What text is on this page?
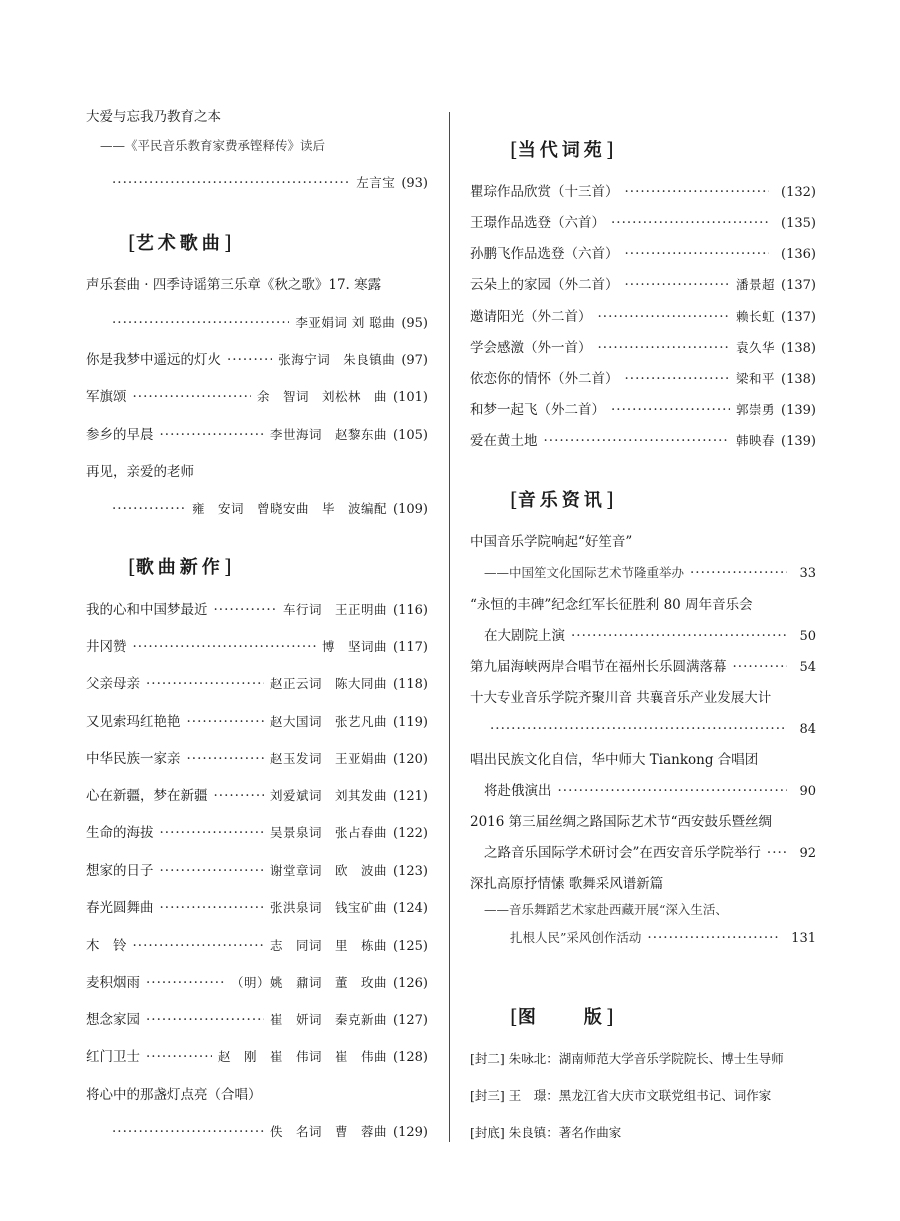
大爱与忘我乃教育之本
——《平民音乐教育家费承铿释传》读后
·····
左言宝 (93)
[艺术歌曲]
声乐套曲 · 四季诗谣第三乐章《秋之歌》17. 寒露
·····
李亚娟词 刘 聪曲 (95)
你是我梦中遥远的灯火 ·····	张海宁词　朱良镇曲 (97)
军旗颂 ·····	余　智词　刘松林　曲 (101)
参乡的早晨 ·····	李世海词　赵黎东曲 (105)
再见，亲爱的老师
·····
雍　安词　曾晓安曲　毕　波编配 (109)
[歌曲新作]
我的心和中国梦最近 ·····	车行词　王正明曲 (116)
井冈赞 ·····	博　坚词曲 (117)
父亲母亲 ·····	赵正云词　陈大同曲 (118)
又见索玛红艳艳 ·····	赵大国词　张艺凡曲 (119)
中华民族一家亲 ·····	赵玉发词　王亚娟曲 (120)
心在新疆，梦在新疆 ·····	刘爱斌词　刘其发曲 (121)
生命的海拔 ·····	吴景泉词　张占春曲 (122)
想家的日子 ·····	谢堂章词　欧　波曲 (123)
春光圆舞曲 ·····	张洪泉词　钱宝矿曲 (124)
木　铃 ·····	志　同词　里　栋曲 (125)
麦积烟雨 ·····	（明）姚　鼐词　董　玫曲 (126)
想念家园 ·····	崔　妍词　秦克新曲 (127)
红门卫士 ·····	赵　刚　崔　伟词　崔　伟曲 (128)
将心中的那盏灯点亮（合唱）
·····
佚　名词　曹　蓉曲 (129)
[当代词苑]
瞿琮作品欣赏（十三首） ·····	(132)
王璟作品选登（六首） ·····	(135)
孙鹏飞作品选登（六首） ·····	(136)
云朵上的家园（外二首） ·····	潘景超 (137)
邀请阳光（外二首） ·····	赖长虹 (137)
学会感激（外一首） ·····	袁久华 (138)
依恋你的情怀（外二首） ·····	梁和平 (138)
和梦一起飞（外二首） ·····	郭崇勇 (139)
爱在黄土地 ·····	韩映春 (139)
[音乐资讯]
中国音乐学院响起“好笙音”
——中国笙文化国际艺术节隆重举办 ·····	33
“永恒的丰碑”纪念红军长征胜利 80 周年音乐会
在大剧院上演 ·····	50
第九届海峡两岸合唱节在福州长乐圆满落幕 ·····	54
十大专业音乐学院齐聚川音 共襄音乐产业发展大计
·····
84
唱出民族文化自信，华中师大 Tiankong 合唱团
将赴俄演出 ·····	90
2016 第三届丝绸之路国际艺术节“西安鼓乐暨丝绸
之路音乐国际学术研讨会”在西安音乐学院举行 ·····	92
深扎高原抒情愫 歌舞采风谱新篇
——音乐舞蹈艺术家赴西藏开展“深入生活、
扎根人民”采风创作活动 ·····	131
[图　　版]
[封二] 朱咏北：湖南师范大学音乐学院院长、博士生导师
[封三] 王　璟：黑龙江省大庆市文联党组书记、词作家
[封底] 朱良镇：著名作曲家
